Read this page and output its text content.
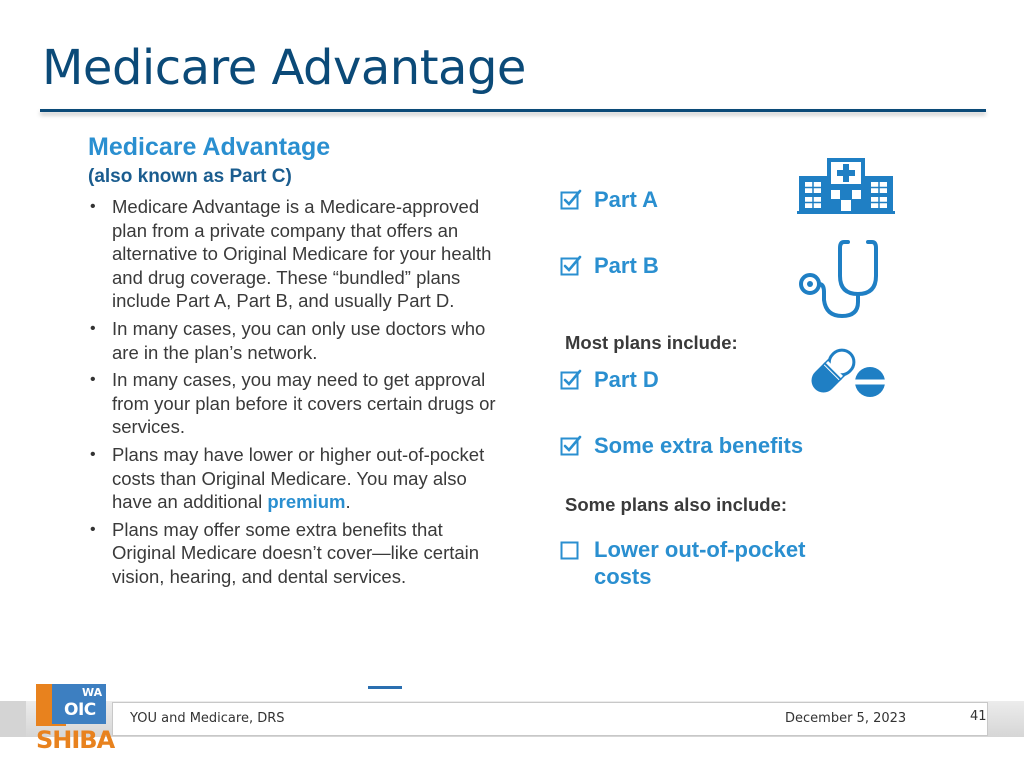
Medicare Advantage
Medicare Advantage
(also known as Part C)
• Medicare Advantage is a Medicare-approved plan from a private company that offers an alternative to Original Medicare for your health and drug coverage. These “bundled” plans include Part A, Part B, and usually Part D.
• In many cases, you can only use doctors who are in the plan’s network.
• In many cases, you may need to get approval from your plan before it covers certain drugs or services.
• Plans may have lower or higher out-of-pocket costs than Original Medicare. You may also have an additional premium.
• Plans may offer some extra benefits that Original Medicare doesn’t cover—like certain vision, hearing, and dental services.
Part A
Part B
Most plans include:
Part D
Some extra benefits
Some plans also include:
Lower out-of-pocket costs
YOU and Medicare, DRS	December 5, 2023	41
WA
OIC
SHIBA
